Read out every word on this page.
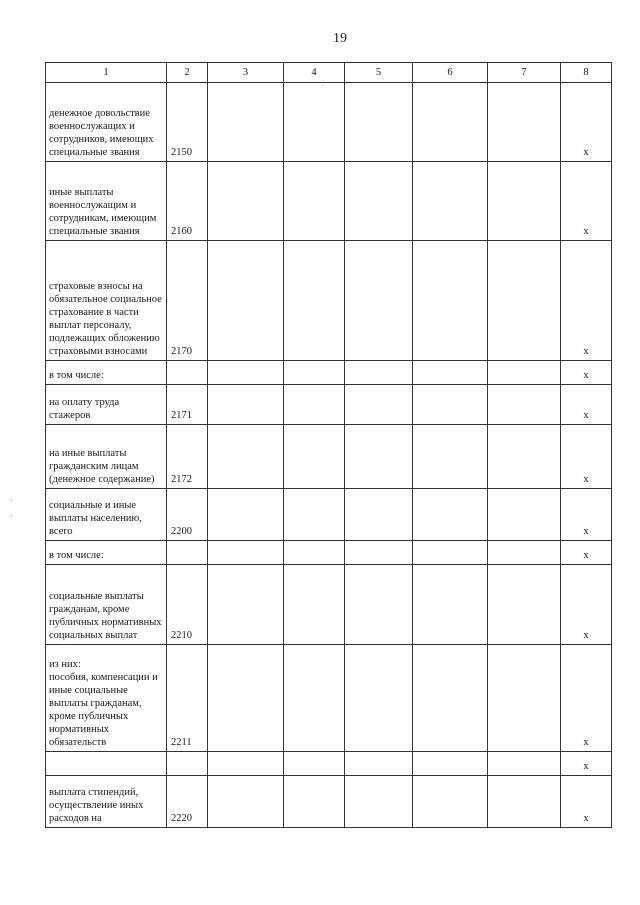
19
1	2	3	4	5	6	7	8
денежное довольствие военнослужащих и сотрудников, имеющих специальные звания	2150						x
иные выплаты военнослужащим и сотрудникам, имеющим специальные звания	2160						x
страховые взносы на обязательное социальное страхование в части выплат персоналу, подлежащих обложению страховыми взносами	2170						x
в том числе:							x
на оплату труда стажеров	2171						x
на иные выплаты гражданским лицам (денежное содержание)	2172						x
социальные и иные выплаты населению, всего	2200						x
в том числе:							x
социальные выплаты гражданам, кроме публичных нормативных социальных выплат	2210						x
из них:
пособия, компенсации и иные социальные выплаты гражданам, кроме публичных нормативных обязательств	2211						x
							x
выплата стипендий, осуществление иных расходов на	2220						x
